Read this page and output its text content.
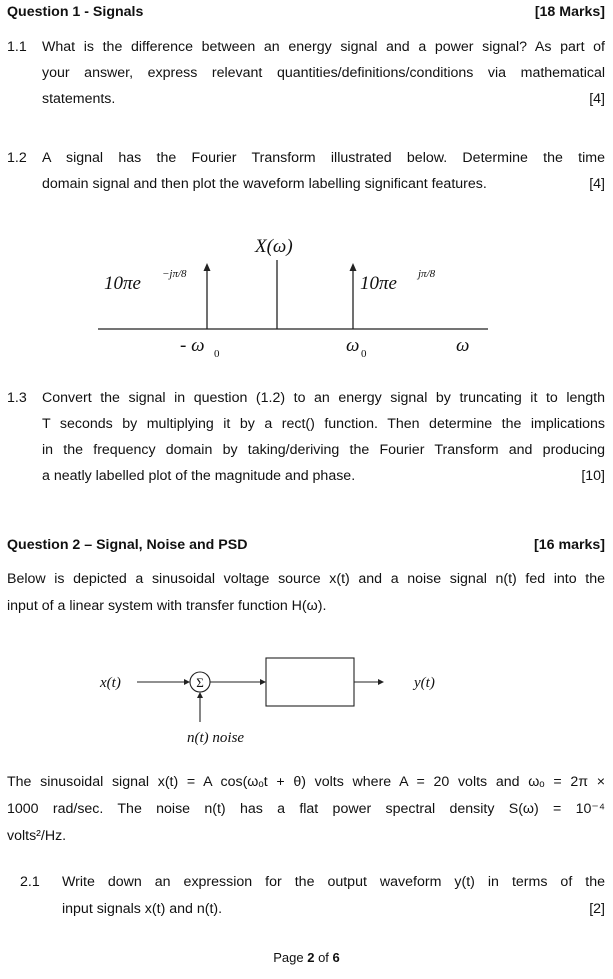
Question 1 - Signals	[18 Marks]
1.1 What is the difference between an energy signal and a power signal? As part of
your answer, express relevant quantities/definitions/conditions via mathematical
statements.	[4]
1.2 A signal has the Fourier Transform illustrated below. Determine the time
domain signal and then plot the waveform labelling significant features.	[4]
X(ω)
10πe −jπ/8	10πe jπ/8
- ω 0	ω 0	ω
1.3 Convert the signal in question (1.2) to an energy signal by truncating it to length
T seconds by multiplying it by a rect() function. Then determine the implications
in the frequency domain by taking/deriving the Fourier Transform and producing
a neatly labelled plot of the magnitude and phase.	[10]
Question 2 – Signal, Noise and PSD	[16 marks]
Below is depicted a sinusoidal voltage source x(t) and a noise signal n(t) fed into the
input of a linear system with transfer function H(ω).
x(t)	y(t)
n(t) noise
Σ
The sinusoidal signal x(t) = A cos(ωₒt + θ) volts where A = 20 volts and ωₒ = 2π ×
1000 rad/sec. The noise n(t) has a flat power spectral density S(ω) = 10⁻⁴
volts²/Hz.
2.1 Write down an expression for the output waveform y(t) in terms of the
input signals x(t) and n(t).	[2]
Page 2 of 6
